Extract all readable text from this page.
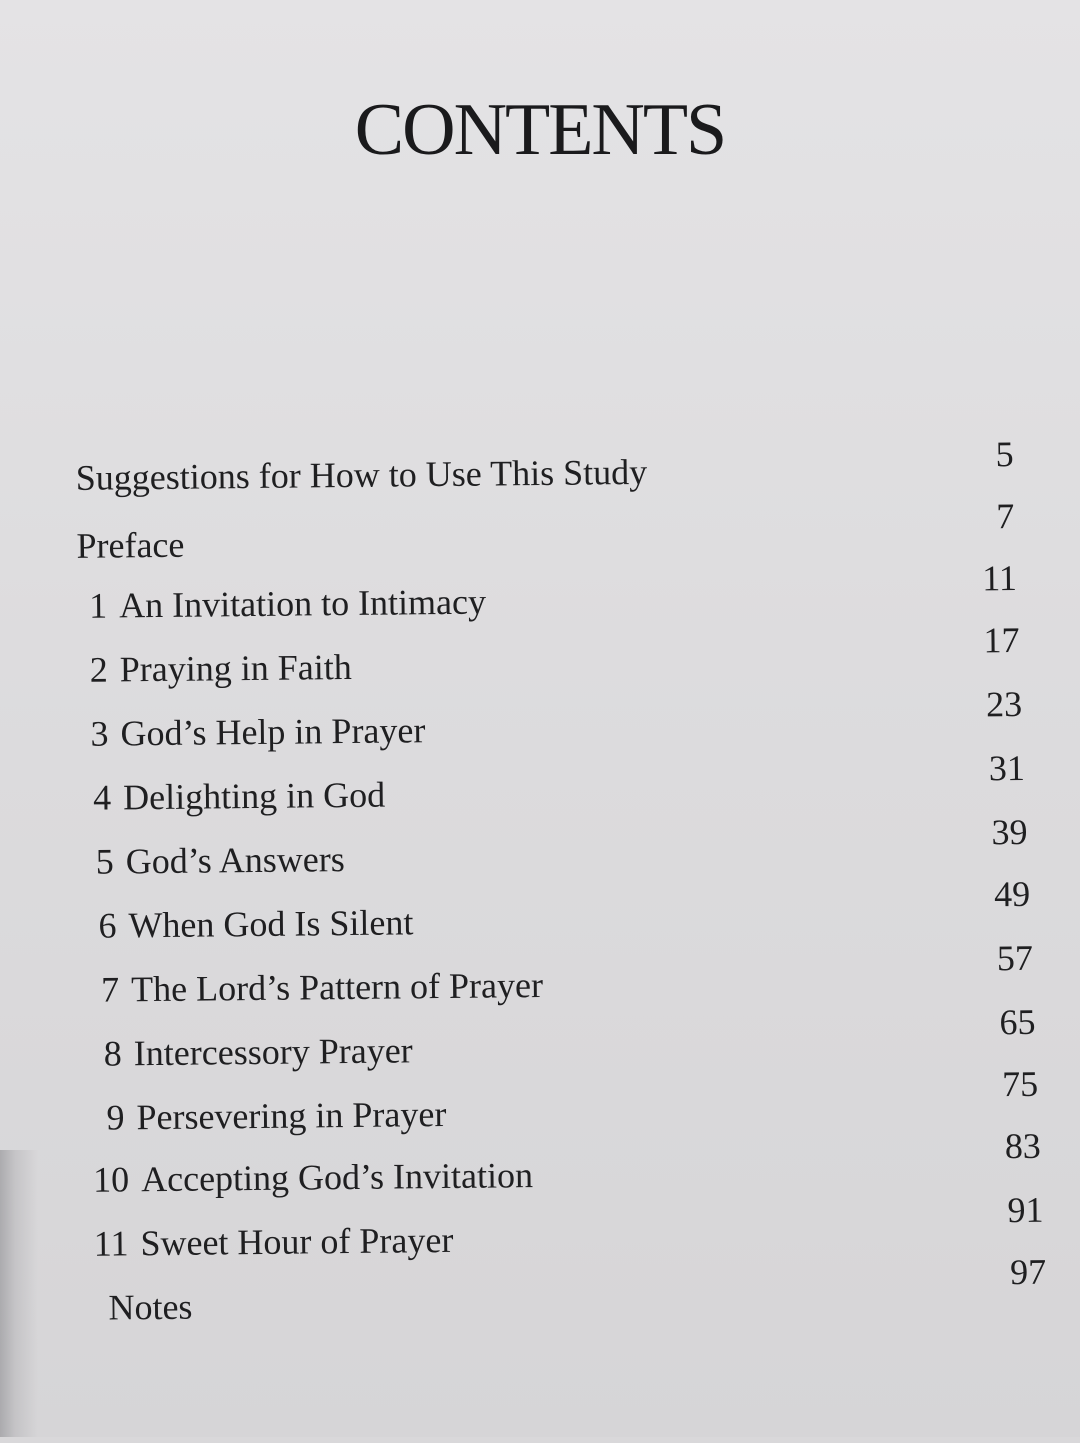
CONTENTS
Suggestions for How to Use This Study
Preface
1 An Invitation to Intimacy
2 Praying in Faith
3 God’s Help in Prayer
4 Delighting in God
5 God’s Answers
6 When God Is Silent
7 The Lord’s Pattern of Prayer
8 Intercessory Prayer
9 Persevering in Prayer
10 Accepting God’s Invitation
11 Sweet Hour of Prayer
Notes
5
7
11
17
23
31
39
49
57
65
75
83
91
97
